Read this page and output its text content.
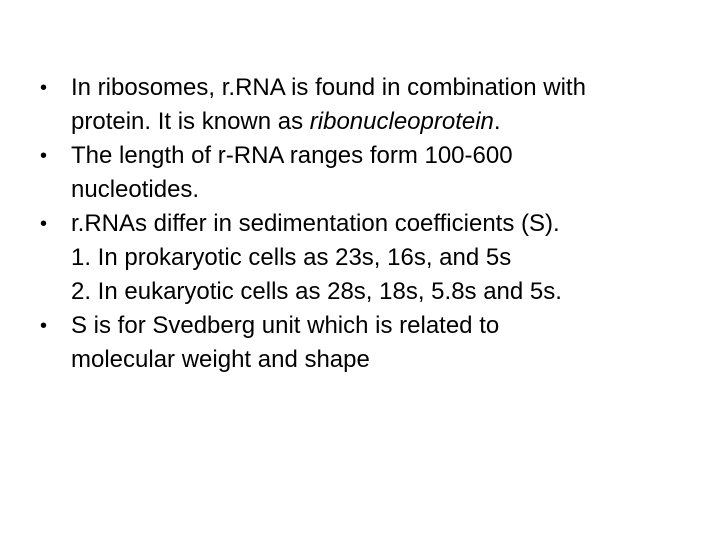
• In ribosomes, r.RNA is found in combination with
protein. It is known as ribonucleoprotein.
• The length of r-RNA ranges form 100-600
nucleotides.
• r.RNAs differ in sedimentation coefficients (S).
1. In prokaryotic cells as 23s, 16s, and 5s
2. In eukaryotic cells as 28s, 18s, 5.8s and 5s.
• S is for Svedberg unit which is related to
molecular weight and shape
